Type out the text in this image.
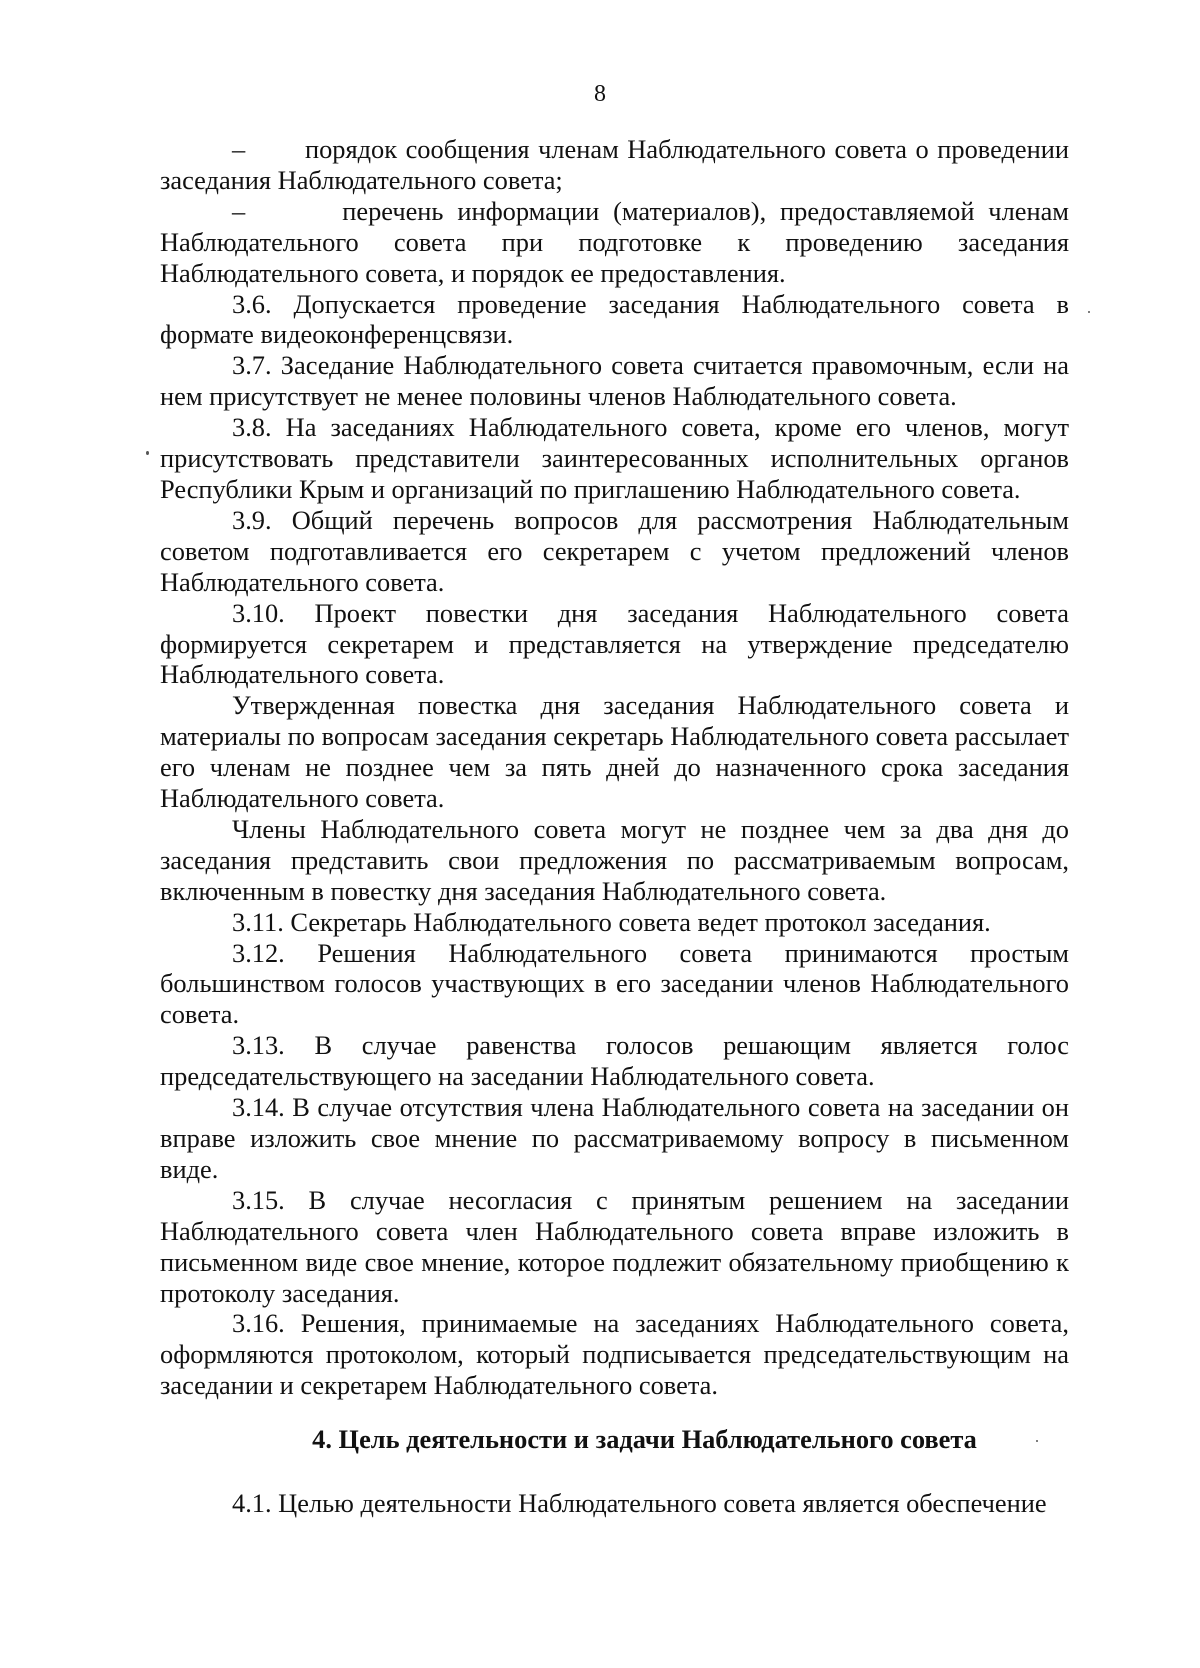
8

–       порядок сообщения членам Наблюдательного совета о проведении заседания Наблюдательного совета;

–       перечень информации (материалов), предоставляемой членам Наблюдательного совета при подготовке к проведению заседания Наблюдательного совета, и порядок ее предоставления.

3.6. Допускается проведение заседания Наблюдательного совета в формате видеоконференцсвязи.

3.7. Заседание Наблюдательного совета считается правомочным, если на нем присутствует не менее половины членов Наблюдательного совета.

3.8. На заседаниях Наблюдательного совета, кроме его членов, могут присутствовать представители заинтересованных исполнительных органов Республики Крым и организаций по приглашению Наблюдательного совета.

3.9. Общий перечень вопросов для рассмотрения Наблюдательным советом подготавливается его секретарем с учетом предложений членов Наблюдательного совета.

3.10. Проект повестки дня заседания Наблюдательного совета формируется секретарем и представляется на утверждение председателю Наблюдательного совета.

Утвержденная повестка дня заседания Наблюдательного совета и материалы по вопросам заседания секретарь Наблюдательного совета рассылает его членам не позднее чем за пять дней до назначенного срока заседания Наблюдательного совета.

Члены Наблюдательного совета могут не позднее чем за два дня до заседания представить свои предложения по рассматриваемым вопросам, включенным в повестку дня заседания Наблюдательного совета.

3.11. Секретарь Наблюдательного совета ведет протокол заседания.

3.12. Решения Наблюдательного совета принимаются простым большинством голосов участвующих в его заседании членов Наблюдательного совета.

3.13. В случае равенства голосов решающим является голос председательствующего на заседании Наблюдательного совета.

3.14. В случае отсутствия члена Наблюдательного совета на заседании он вправе изложить свое мнение по рассматриваемому вопросу в письменном виде.

3.15. В случае несогласия с принятым решением на заседании Наблюдательного совета член Наблюдательного совета вправе изложить в письменном виде свое мнение, которое подлежит обязательному приобщению к протоколу заседания.

3.16. Решения, принимаемые на заседаниях Наблюдательного совета, оформляются протоколом, который подписывается председательствующим на заседании и секретарем Наблюдательного совета.

4. Цель деятельности и задачи Наблюдательного совета

4.1. Целью деятельности Наблюдательного совета является обеспечение
